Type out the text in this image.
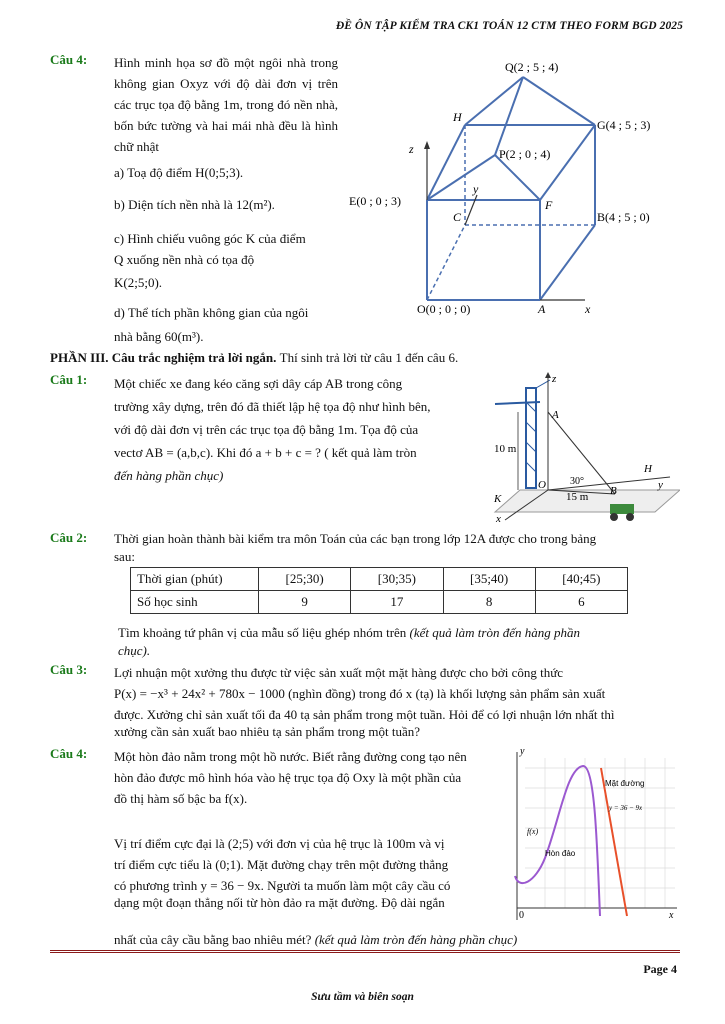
ĐỀ ÔN TẬP KIỂM TRA CK1 TOÁN 12 CTM THEO FORM BGD 2025
Câu 4: Hình minh họa sơ đồ một ngôi nhà trong không gian Oxyz với độ dài đơn vị trên các trục tọa độ bằng 1m, trong đó nền nhà, bốn bức tường và hai mái nhà đều là hình chữ nhật
a) Toạ độ điểm H(0;5;3).
b) Diện tích nền nhà là 12(m²).
c) Hình chiếu vuông góc K của điểm
Q xuống nền nhà có tọa độ
K(2;5;0).
d) Thể tích phần không gian của ngôi
nhà bằng 60(m³).
Q(2 ; 5 ; 4)
H
G(4 ; 5 ; 3)
P(2 ; 0 ; 4)
E(0 ; 0 ; 3)
C
F
B(4 ; 5 ; 0)
O(0 ; 0 ; 0)	A	x
y
z
PHẦN III. Câu trắc nghiệm trả lời ngắn. Thí sinh trả lời từ câu 1 đến câu 6.
Câu 1: Một chiếc xe đang kéo căng sợi dây cáp AB trong công
trường xây dựng, trên đó đã thiết lập hệ tọa độ như hình bên,
với độ dài đơn vị trên các trục tọa độ bằng 1m. Tọa độ của
vectơ AB = (a,b,c). Khi đó a + b + c = ? ( kết quả làm tròn
đến hàng phần chục)
10 m
15 m
30°
O
A
B
H
K
x
y
z
Câu 2: Thời gian hoàn thành bài kiểm tra môn Toán của các bạn trong lớp 12A được cho trong bảng
sau:
Thời gian (phút)	[25;30)	[30;35)	[35;40)	[40;45)
Số học sinh	9	17	8	6
Tìm khoảng tứ phân vị của mẫu số liệu ghép nhóm trên (kết quả làm tròn đến hàng phần
chục).
Câu 3: Lợi nhuận một xưởng thu được từ việc sản xuất một mặt hàng được cho bởi công thức
P(x) = −x³ + 24x² + 780x − 1000 (nghìn đồng) trong đó x (tạ) là khối lượng sản phẩm sản xuất
được. Xưởng chỉ sản xuất tối đa 40 tạ sản phẩm trong một tuần. Hỏi để có lợi nhuận lớn nhất thì
xưởng cần sản xuất bao nhiêu tạ sản phẩm trong một tuần?
Câu 4: Một hòn đảo nằm trong một hồ nước. Biết rằng đường cong tạo nên
hòn đảo được mô hình hóa vào hệ trục tọa độ Oxy là một phần của
đồ thị hàm số bậc ba f(x).
Vị trí điểm cực đại là (2;5) với đơn vị của hệ trục là 100m và vị
trí điểm cực tiểu là (0;1). Mặt đường chạy trên một đường thẳng
có phương trình y = 36 − 9x. Người ta muốn làm một cây cầu có
dạng một đoạn thẳng nối từ hòn đảo ra mặt đường. Độ dài ngắn
nhất của cây cầu bằng bao nhiêu mét? (kết quả làm tròn đến hàng phần chục)
y
x
0
f(x)
Mặt đường
y = 36 − 9x
Hòn đảo
Page 4
Sưu tầm và biên soạn
